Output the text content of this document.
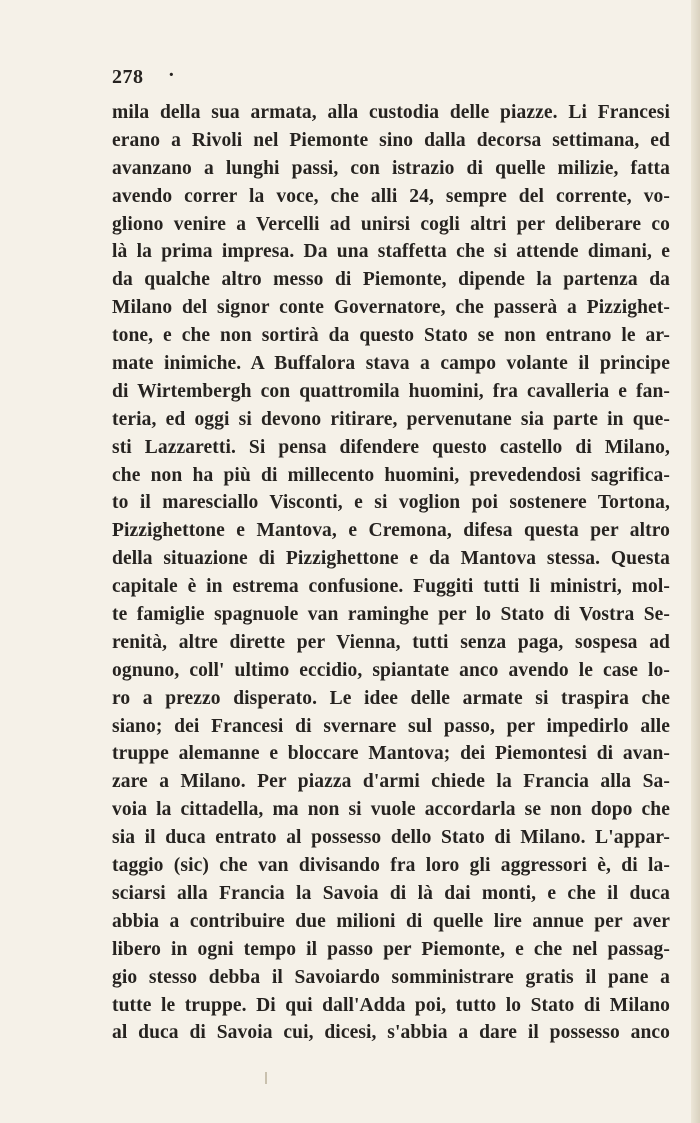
278 ·
mila della sua armata, alla custodia delle piazze. Li Francesi
erano a Rivoli nel Piemonte sino dalla decorsa settimana, ed
avanzano a lunghi passi, con istrazio di quelle milizie, fatta
avendo correr la voce, che alli 24, sempre del corrente, vo-
gliono venire a Vercelli ad unirsi cogli altri per deliberare co
là la prima impresa. Da una staffetta che si attende dimani, e
da qualche altro messo di Piemonte, dipende la partenza da
Milano del signor conte Governatore, che passerà a Pizzighet-
tone, e che non sortirà da questo Stato se non entrano le ar-
mate inimiche. A Buffalora stava a campo volante il principe
di Wirtembergh con quattromila huomini, fra cavalleria e fan-
teria, ed oggi si devono ritirare, pervenutane sia parte in que-
sti Lazzaretti. Si pensa difendere questo castello di Milano,
che non ha più di millecento huomini, prevedendosi sagrifica-
to il maresciallo Visconti, e si voglion poi sostenere Tortona,
Pizzighettone e Mantova, e Cremona, difesa questa per altro
della situazione di Pizzighettone e da Mantova stessa. Questa
capitale è in estrema confusione. Fuggiti tutti li ministri, mol-
te famiglie spagnuole van raminghe per lo Stato di Vostra Se-
renità, altre dirette per Vienna, tutti senza paga, sospesa ad
ognuno, coll' ultimo eccidio, spiantate anco avendo le case lo-
ro a prezzo disperato. Le idee delle armate si traspira che
siano; dei Francesi di svernare sul passo, per impedirlo alle
truppe alemanne e bloccare Mantova; dei Piemontesi di avan-
zare a Milano. Per piazza d'armi chiede la Francia alla Sa-
voia la cittadella, ma non si vuole accordarla se non dopo che
sia il duca entrato al possesso dello Stato di Milano. L'appar-
taggio (sic) che van divisando fra loro gli aggressori è, di la-
sciarsi alla Francia la Savoia di là dai monti, e che il duca
abbia a contribuire due milioni di quelle lire annue per aver
libero in ogni tempo il passo per Piemonte, e che nel passag-
gio stesso debba il Savoiardo somministrare gratis il pane a
tutte le truppe. Di qui dall'Adda poi, tutto lo Stato di Milano
al duca di Savoia cui, dicesi, s'abbia a dare il possesso anco
